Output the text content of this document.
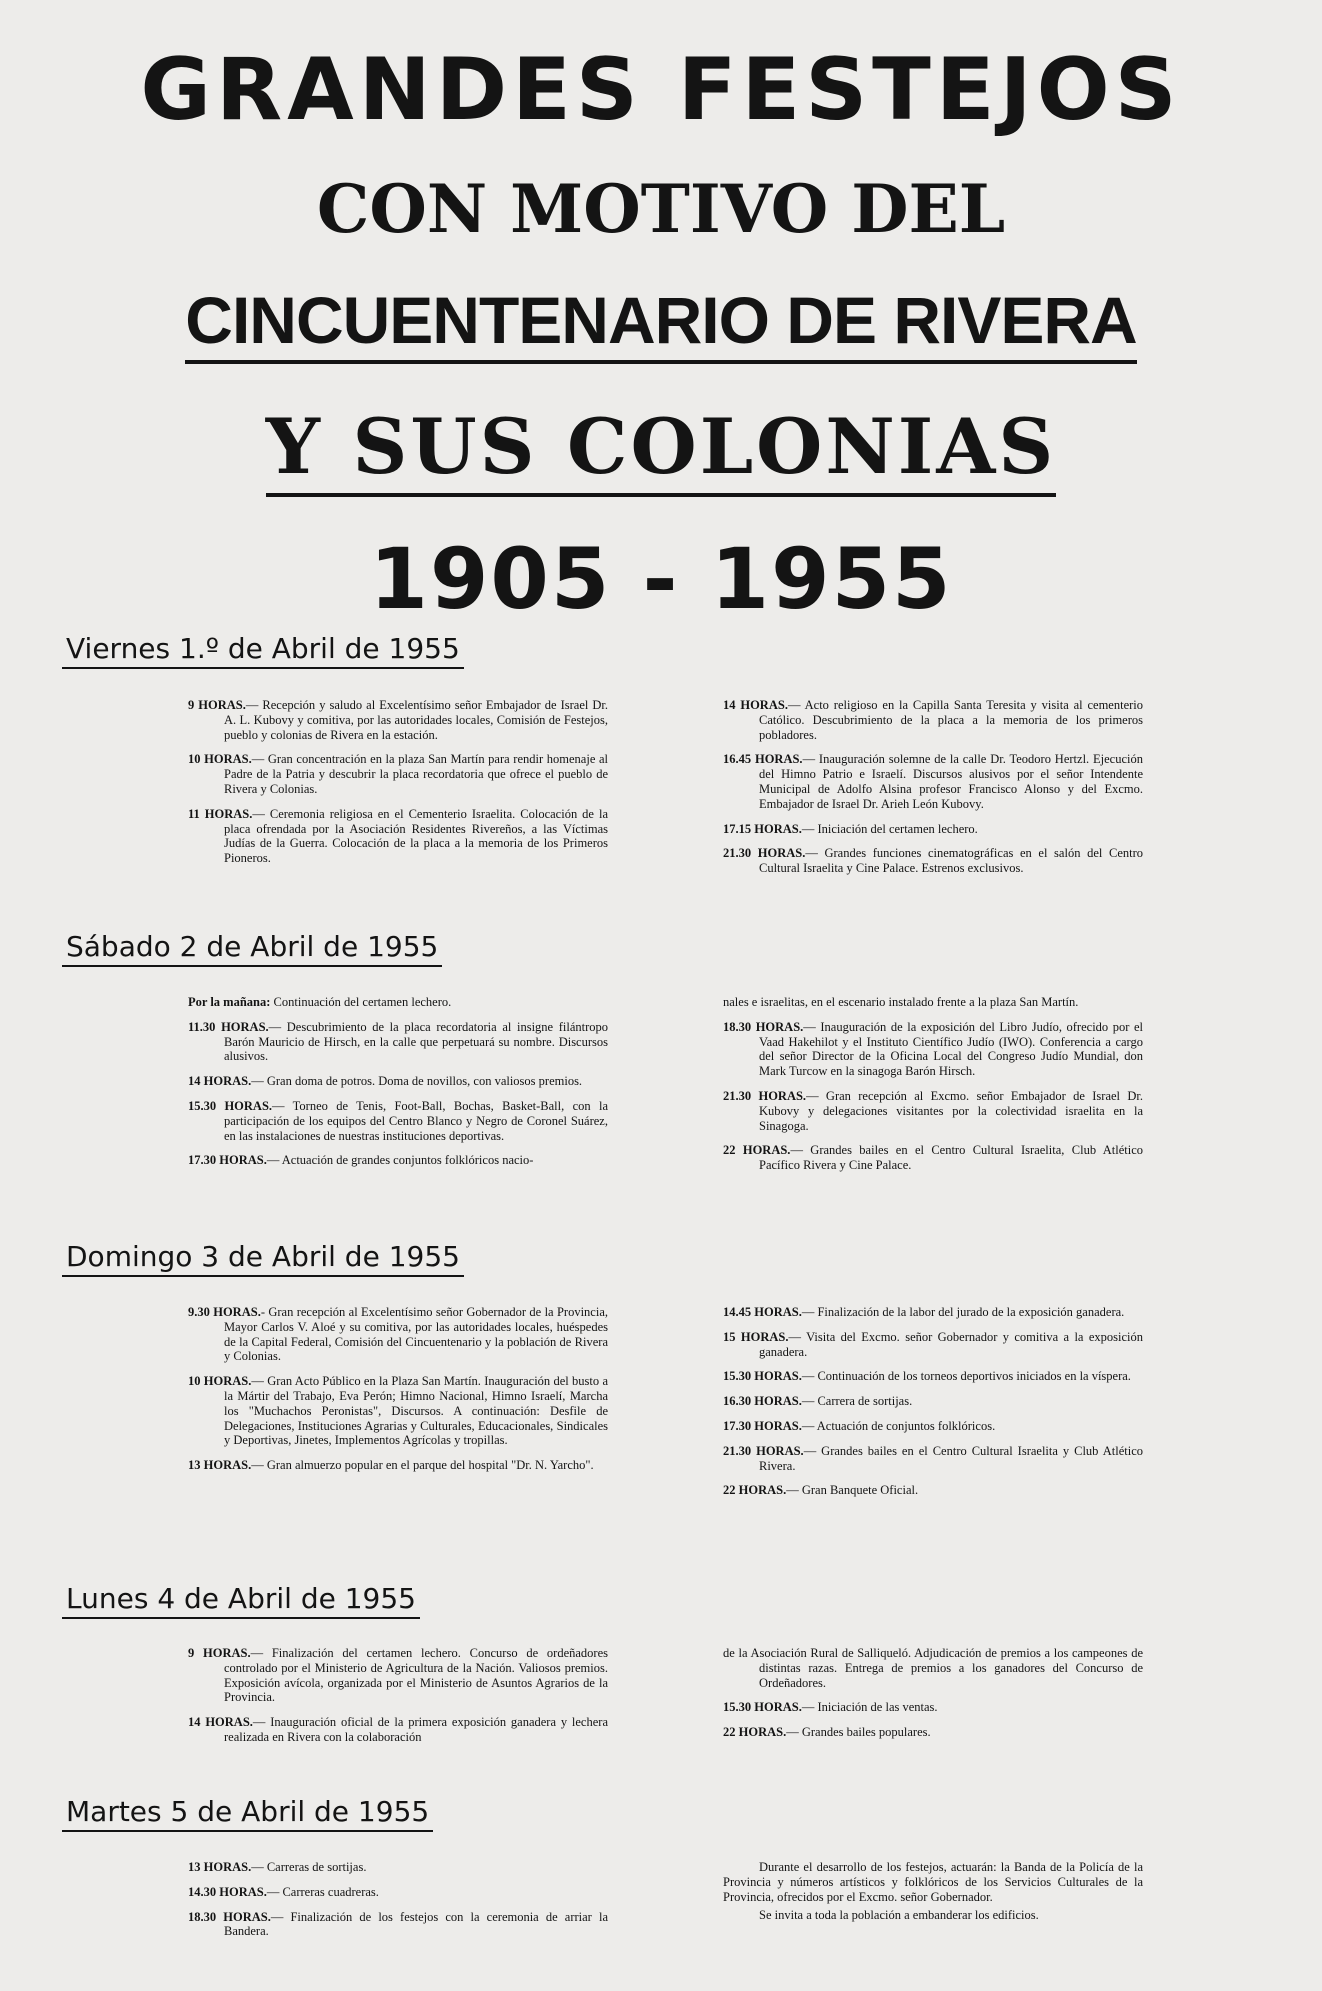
GRANDES FESTEJOS
CON MOTIVO DEL
CINCUENTENARIO DE RIVERA
Y SUS COLONIAS
1905 - 1955
Viernes 1.º de Abril de 1955

9 HORAS.— Recepción y saludo al Excelentísimo señor Embajador de Israel Dr. A. L. Kubovy y comitiva, por las autoridades locales, Comisión de Festejos, pueblo y colonias de Rivera en la estación.

10 HORAS.— Gran concentración en la plaza San Martín para rendir homenaje al Padre de la Patria y descubrir la placa recordatoria que ofrece el pueblo de Rivera y Colonias.

11 HORAS.— Ceremonia religiosa en el Cementerio Israelita. Colocación de la placa ofrendada por la Asociación Residentes Rivereños, a las Víctimas Judías de la Guerra. Colocación de la placa a la memoria de los Primeros Pioneros.

14 HORAS.— Acto religioso en la Capilla Santa Teresita y visita al cementerio Católico. Descubrimiento de la placa a la memoria de los primeros pobladores.

16.45 HORAS.— Inauguración solemne de la calle Dr. Teodoro Hertzl. Ejecución del Himno Patrio e Israelí. Discursos alusivos por el señor Intendente Municipal de Adolfo Alsina profesor Francisco Alonso y del Excmo. Embajador de Israel Dr. Arieh León Kubovy.

17.15 HORAS.— Iniciación del certamen lechero.

21.30 HORAS.— Grandes funciones cinematográficas en el salón del Centro Cultural Israelita y Cine Palace. Estrenos exclusivos.

Sábado 2 de Abril de 1955

Por la mañana: Continuación del certamen lechero.

11.30 HORAS.— Descubrimiento de la placa recordatoria al insigne filántropo Barón Mauricio de Hirsch, en la calle que perpetuará su nombre. Discursos alusivos.

14 HORAS.— Gran doma de potros. Doma de novillos, con valiosos premios.

15.30 HORAS.— Torneo de Tenis, Foot-Ball, Bochas, Basket-Ball, con la participación de los equipos del Centro Blanco y Negro de Coronel Suárez, en las instalaciones de nuestras instituciones deportivas.

17.30 HORAS.— Actuación de grandes conjuntos folklóricos nacio-

nales e israelitas, en el escenario instalado frente a la plaza San Martín.

18.30 HORAS.— Inauguración de la exposición del Libro Judío, ofrecido por el Vaad Hakehilot y el Instituto Científico Judío (IWO). Conferencia a cargo del señor Director de la Oficina Local del Congreso Judío Mundial, don Mark Turcow en la sinagoga Barón Hirsch.

21.30 HORAS.— Gran recepción al Excmo. señor Embajador de Israel Dr. Kubovy y delegaciones visitantes por la colectividad israelita en la Sinagoga.

22 HORAS.— Grandes bailes en el Centro Cultural Israelita, Club Atlético Pacífico Rivera y Cine Palace.

Domingo 3 de Abril de 1955

9.30 HORAS.- Gran recepción al Excelentísimo señor Gobernador de la Provincia, Mayor Carlos V. Aloé y su comitiva, por las autoridades locales, huéspedes de la Capital Federal, Comisión del Cincuentenario y la población de Rivera y Colonias.

10 HORAS.— Gran Acto Público en la Plaza San Martín. Inauguración del busto a la Mártir del Trabajo, Eva Perón; Himno Nacional, Himno Israelí, Marcha los "Muchachos Peronistas", Discursos. A continuación: Desfile de Delegaciones, Instituciones Agrarias y Culturales, Educacionales, Sindicales y Deportivas, Jinetes, Implementos Agrícolas y tropillas.

13 HORAS.— Gran almuerzo popular en el parque del hospital "Dr. N. Yarcho".

14.45 HORAS.— Finalización de la labor del jurado de la exposición ganadera.

15 HORAS.— Visita del Excmo. señor Gobernador y comitiva a la exposición ganadera.

15.30 HORAS.— Continuación de los torneos deportivos iniciados en la víspera.

16.30 HORAS.— Carrera de sortijas.

17.30 HORAS.— Actuación de conjuntos folklóricos.

21.30 HORAS.— Grandes bailes en el Centro Cultural Israelita y Club Atlético Rivera.

22 HORAS.— Gran Banquete Oficial.

Lunes 4 de Abril de 1955

9 HORAS.— Finalización del certamen lechero. Concurso de ordeñadores controlado por el Ministerio de Agricultura de la Nación. Valiosos premios. Exposición avícola, organizada por el Ministerio de Asuntos Agrarios de la Provincia.

14 HORAS.— Inauguración oficial de la primera exposición ganadera y lechera realizada en Rivera con la colaboración

de la Asociación Rural de Salliqueló. Adjudicación de premios a los campeones de distintas razas. Entrega de premios a los ganadores del Concurso de Ordeñadores.

15.30 HORAS.— Iniciación de las ventas.

22 HORAS.— Grandes bailes populares.

Martes 5 de Abril de 1955

13 HORAS.— Carreras de sortijas.

14.30 HORAS.— Carreras cuadreras.

18.30 HORAS.— Finalización de los festejos con la ceremonia de arriar la Bandera.

Durante el desarrollo de los festejos, actuarán: la Banda de la Policía de la Provincia y números artísticos y folklóricos de los Servicios Culturales de la Provincia, ofrecidos por el Excmo. señor Gobernador.

Se invita a toda la población a embanderar los edificios.
